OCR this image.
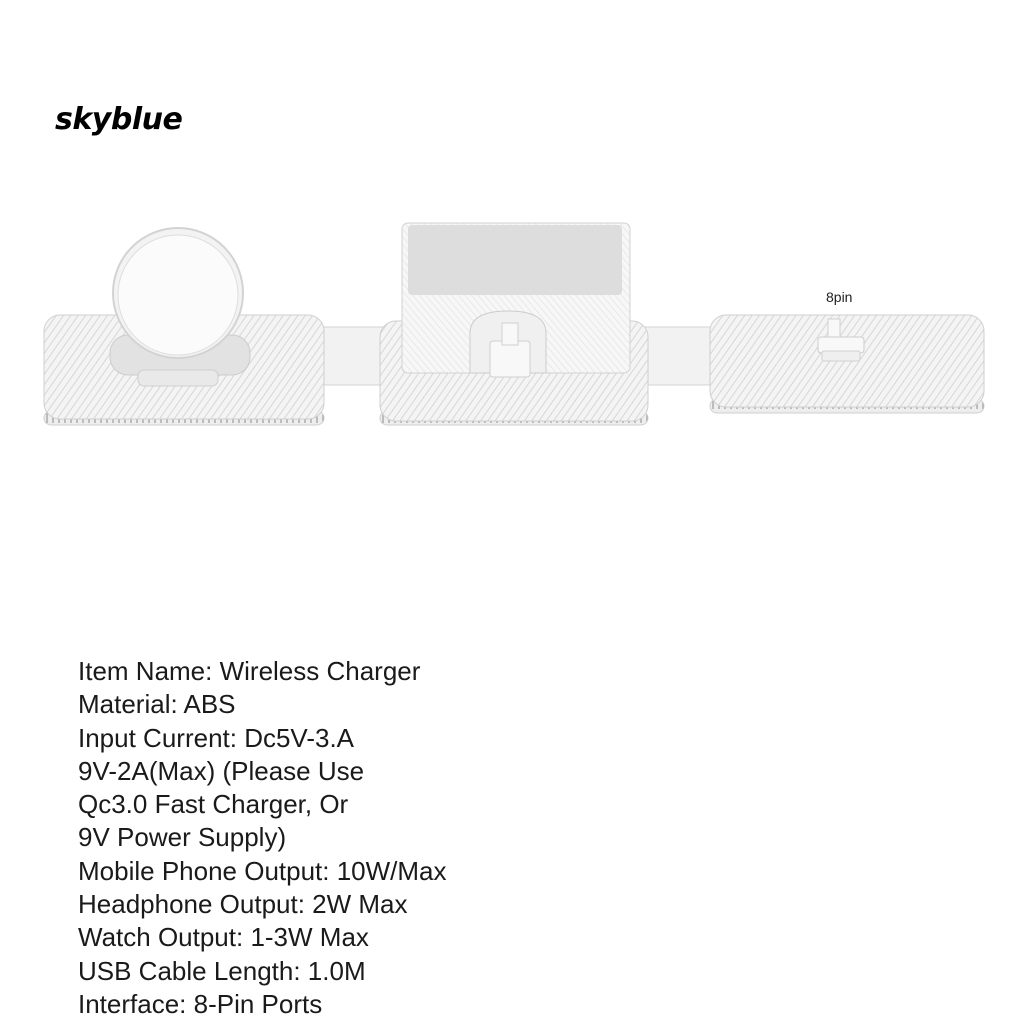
skyblue
8pin
Item Name: Wireless Charger
Material: ABS
Input Current: Dc5V-3.A
9V-2A(Max) (Please Use
Qc3.0 Fast Charger, Or
9V Power Supply)
Mobile Phone Output: 10W/Max
Headphone Output: 2W Max
Watch Output: 1-3W Max
USB Cable Length: 1.0M
Interface: 8-Pin Ports
